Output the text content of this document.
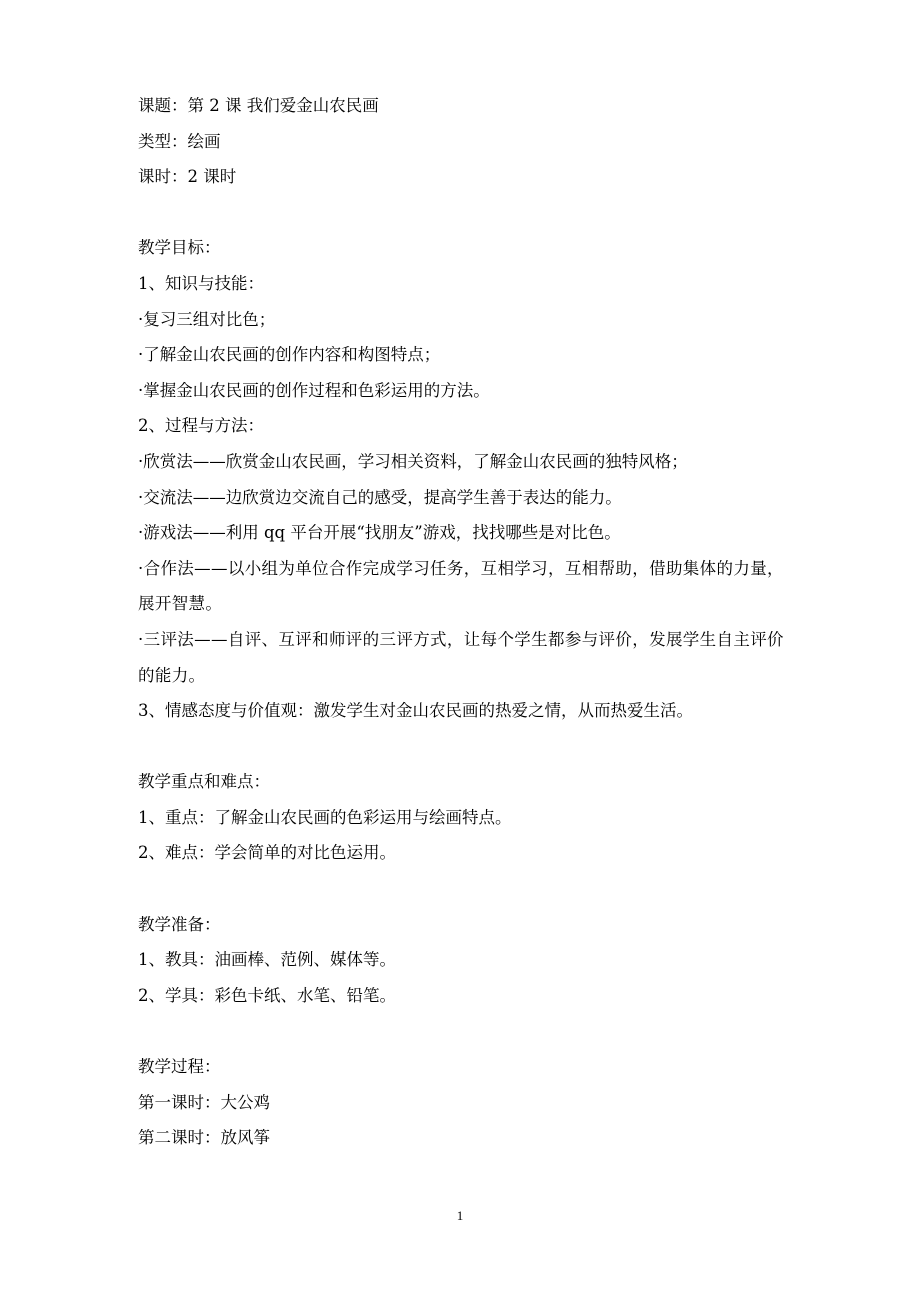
课题：第 2 课 我们爱金山农民画
类型：绘画
课时：2 课时
教学目标：
1、知识与技能：
·复习三组对比色；
·了解金山农民画的创作内容和构图特点；
·掌握金山农民画的创作过程和色彩运用的方法。
2、过程与方法：
·欣赏法——欣赏金山农民画，学习相关资料，了解金山农民画的独特风格；
·交流法——边欣赏边交流自己的感受，提高学生善于表达的能力。
·游戏法——利用 qq 平台开展“找朋友”游戏，找找哪些是对比色。
·合作法——以小组为单位合作完成学习任务，互相学习，互相帮助，借助集体的力量，展开智慧。
·三评法——自评、互评和师评的三评方式，让每个学生都参与评价，发展学生自主评价的能力。
3、情感态度与价值观：激发学生对金山农民画的热爱之情，从而热爱生活。
教学重点和难点：
1、重点：了解金山农民画的色彩运用与绘画特点。
2、难点：学会简单的对比色运用。
教学准备：
1、教具：油画棒、范例、媒体等。
2、学具：彩色卡纸、水笔、铅笔。
教学过程：
第一课时：大公鸡
第二课时：放风筝
1
